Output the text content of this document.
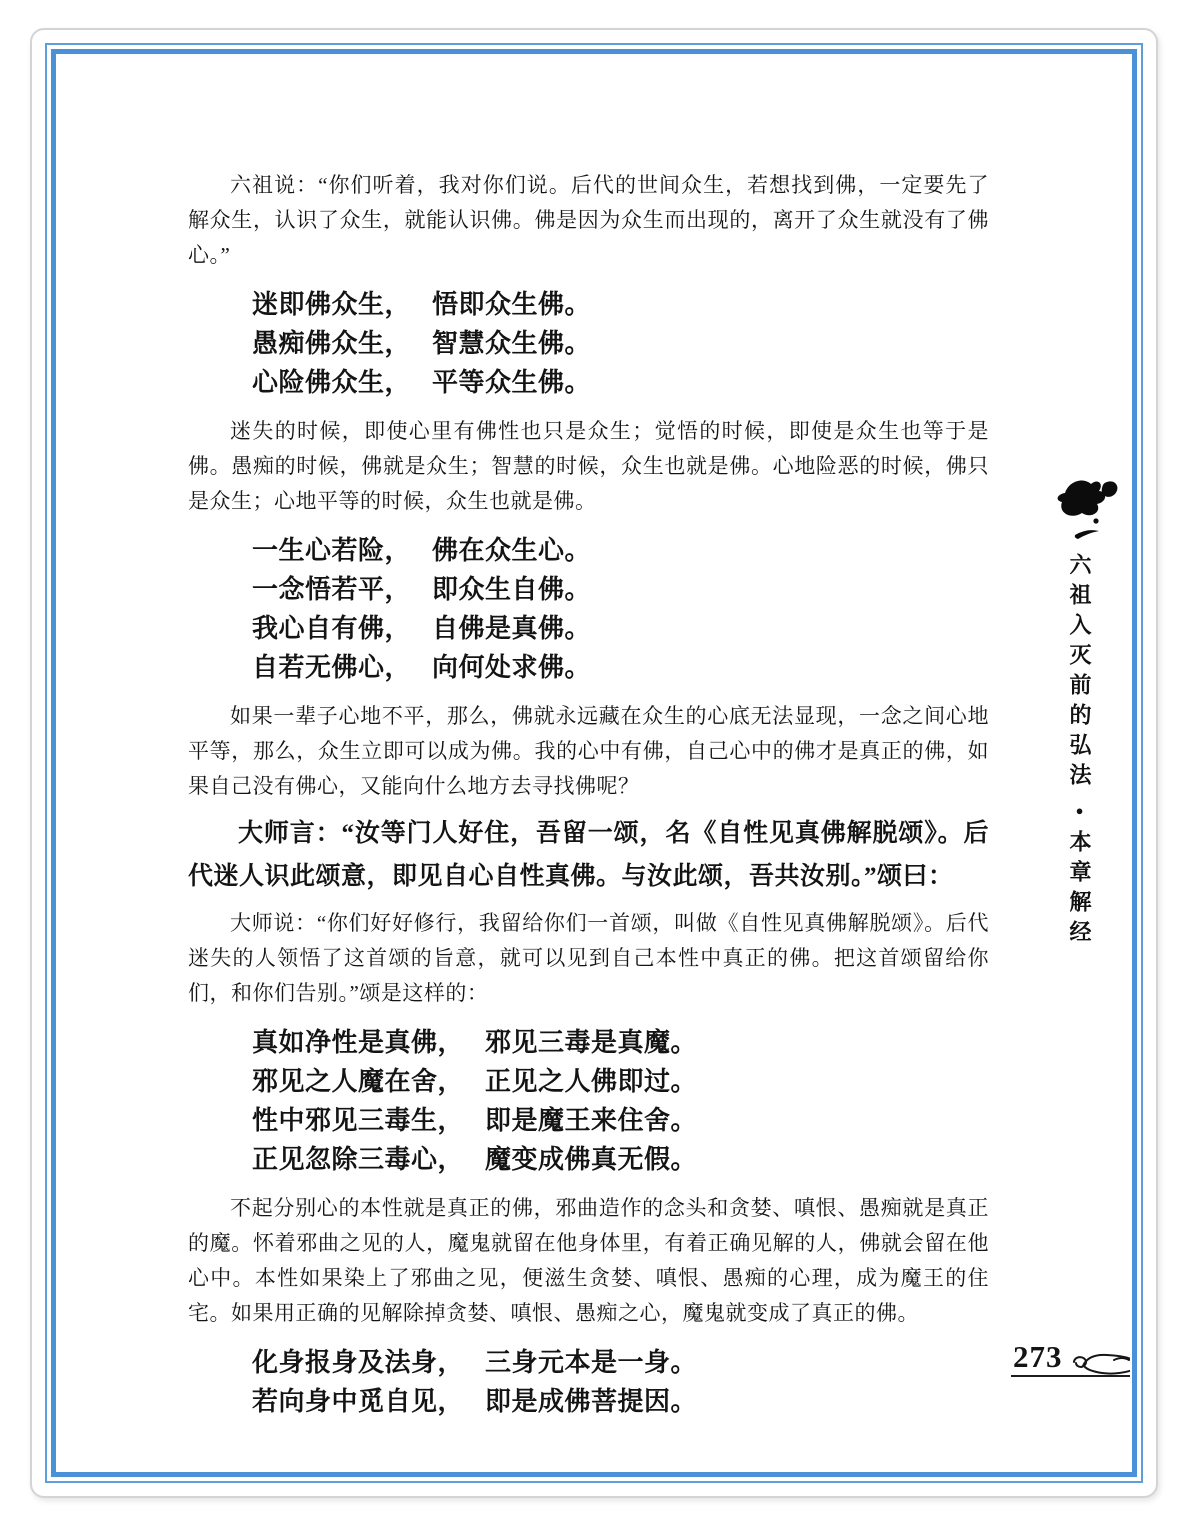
六祖说：“你们听着，我对你们说。后代的世间众生，若想找到佛，一定要先了解众生，认识了众生，就能认识佛。佛是因为众生而出现的，离开了众生就没有了佛心。”

迷即佛众生， 悟即众生佛。
愚痴佛众生， 智慧众生佛。
心险佛众生， 平等众生佛。

迷失的时候，即使心里有佛性也只是众生；觉悟的时候，即使是众生也等于是佛。愚痴的时候，佛就是众生；智慧的时候，众生也就是佛。心地险恶的时候，佛只是众生；心地平等的时候，众生也就是佛。

一生心若险， 佛在众生心。
一念悟若平， 即众生自佛。
我心自有佛， 自佛是真佛。
自若无佛心， 向何处求佛。

如果一辈子心地不平，那么，佛就永远藏在众生的心底无法显现，一念之间心地平等，那么，众生立即可以成为佛。我的心中有佛，自己心中的佛才是真正的佛，如果自己没有佛心，又能向什么地方去寻找佛呢？

大师言：“汝等门人好住，吾留一颂，名《自性见真佛解脱颂》。后代迷人识此颂意，即见自心自性真佛。与汝此颂，吾共汝别。”颂曰：

大师说：“你们好好修行，我留给你们一首颂，叫做《自性见真佛解脱颂》。后代迷失的人领悟了这首颂的旨意，就可以见到自己本性中真正的佛。把这首颂留给你们，和你们告别。”颂是这样的：

真如净性是真佛， 邪见三毒是真魔。
邪见之人魔在舍， 正见之人佛即过。
性中邪见三毒生， 即是魔王来住舍。
正见忽除三毒心， 魔变成佛真无假。

不起分别心的本性就是真正的佛，邪曲造作的念头和贪婪、嗔恨、愚痴就是真正的魔。怀着邪曲之见的人，魔鬼就留在他身体里，有着正确见解的人，佛就会留在他心中。本性如果染上了邪曲之见，便滋生贪婪、嗔恨、愚痴的心理，成为魔王的住宅。如果用正确的见解除掉贪婪、嗔恨、愚痴之心，魔鬼就变成了真正的佛。

化身报身及法身， 三身元本是一身。
若向身中觅自见， 即是成佛菩提因。
六祖入灭前的弘法●本章解经
273
